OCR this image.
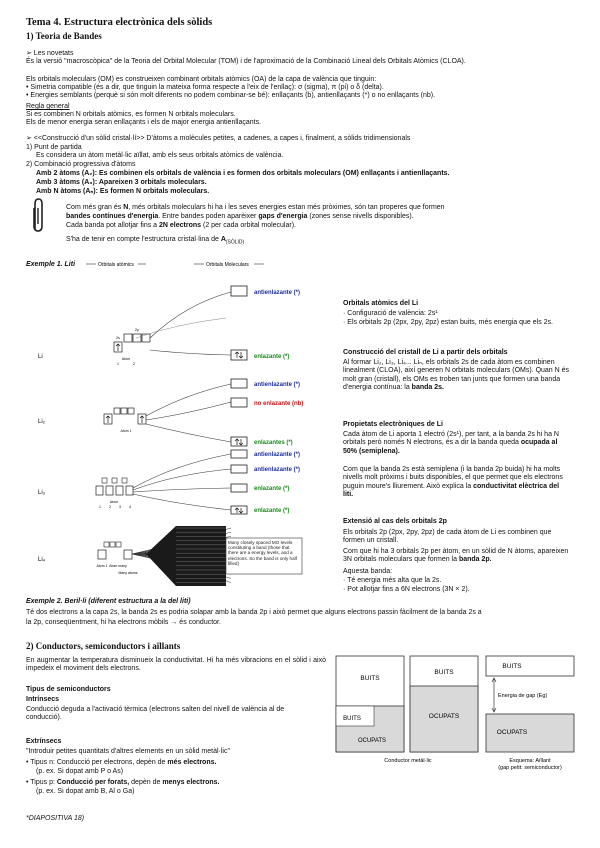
Tema 4. Estructura electrònica dels sòlids
1) Teoria de Bandes
➢ Les novetats
És la versió "macroscòpica" de la Teoria del Orbital Molecular (TOM) i de l'aproximació de la Combinació Lineal dels Orbitals Atòmics (CLOA).
Els orbitals moleculars (OM) es construeixen combinant orbitals atòmics (OA) de la capa de valència que tinguin:
• Simetria compatible (és a dir, que tinguin la mateixa forma respecte a l'eix de l'enllaç): σ (sigma), π (pi) o δ (delta).
• Energies semblants (perquè si són molt diferents no podem combinar-se bé): enllaçants (b), antienllaçants (*) o no enllaçants (nb).
Regla general
Si es combinen N orbitals atòmics, es formen N orbitals moleculars.
Els de menor energia seran enllaçants i els de major energia antienllaçants.
➢ <<Construcció d'un sòlid cristal·lí>> D'àtoms a molècules petites, a cadenes, a capes i, finalment, a sòlids tridimensionals
1) Punt de partida
Es considera un àtom metàl·lic aïllat, amb els seus orbitals atòmics de valència.
2) Combinació progressiva d'àtoms
Amb 2 àtoms (A₂): Es combinen els orbitals de valència i es formen dos orbitals moleculars (OM) enllaçants i antienllaçants.
Amb 3 àtoms (A₃): Apareixen 3 orbitals moleculars.
Amb N àtoms (Aₙ): Es formen N orbitals moleculars.
Com més gran és N, més orbitals moleculars hi ha i les seves energies estan més pròximes, són tan properes que formen
bandes contínues d'energia. Entre bandes poden aparèixer gaps d'energia (zones sense nivells disponibles).
Cada banda pot allotjar fins a 2N electrons (2 per cada orbital molecular).
S'ha de tenir en compte l'estructura cristal·lina de $A_{(SÒLID)}$
Exemple 1. Liti	Orbitals atòmics	Orbitals Moleculars
Li
Li₂
Li₃
Li₄
2s
2p
Atom
1	2
antienlazante (*)
enlazante (*)
Atom 1
antienlazante (*)
no enlazante (nb)
enlazantes (*)
Atom
1 2 3 4
antienlazante (*)
antienlazante (*)
enlazante (*)
enlazante (*)
Atom 1 Atom many
Many atoms
Many closely spaced MO levels constituting a band (those that there are a energy levels, and a electrons. So the band is only half filled)
Orbitals atòmics del Li
· Configuració de valència: 2s¹
· Els orbitals 2p (2px, 2py, 2pz) estan buits, més energia que els 2s.
Construcció del cristall de Li a partir dels orbitals
Al formar Li₂, Li₃, Li₄... Liₙ, els orbitals 2s de cada àtom es combinen linealment (CLOA), així generen N orbitals moleculars (OMs). Quan N és molt gran (cristall), els OMs es troben tan junts que formen una banda d'energia contínua: la banda 2s.
Propietats electròniques de Li
Cada àtom de Li aporta 1 electró (2s¹), per tant, a la banda 2s hi ha N orbitals però només N electrons, és a dir la banda queda ocupada al 50% (semiplena).
Com que la banda 2s està semiplena (i la banda 2p buida) hi ha molts nivells molt pròxims i buits disponibles, el que permet que els electrons puguin moure's lliurement. Això explica la conductivitat elèctrica del liti.
Extensió al cas dels orbitals 2p
Els orbitals 2p (2px, 2py, 2pz) de cada àtom de Li es combinen que formen un cristall.
Com que hi ha 3 orbitals 2p per àtom, en un sòlid de N àtoms, apareixen 3N orbitals moleculars que formen la banda 2p.
Aquesta banda:
· Té energia més alta que la 2s.
· Pot allotjar fins a 6N electrons (3N × 2).
Exemple 2. Beril·li (diferent estructura a la del liti)
Té dos electrons a la capa 2s, la banda 2s es podria solapar amb la banda 2p i això permet que alguns electrons passin fàcilment de la banda 2s a
la 2p, conseqüentment, hi ha electrons mòbils → és conductor.
2) Conductors, semiconductors i aïllants
En augmentar la temperatura disminueix la conductivitat. Hi ha més vibracions en el sòlid i això impedeix el moviment dels electrons.
Tipus de semiconductors
Intrínsecs
Conducció deguda a l'activació tèrmica (electrons salten del nivell de valència al de conducció).
Extrínsecs
"Introduir petites quantitats d'altres elements en un sòlid metàl·lic"
• Tipus n: Conducció per electrons, depèn de més electrons.
(p. ex. Si dopat amb P o As)
• Tipus p: Conducció per forats, depèn de menys electrons.
(p. ex. Si dopat amb B, Al o Ga)
*DIAPOSITIVA 18)
BUITS
BUITS
OCUPATS
BUITS
OCUPATS
BUITS
Energia de gap (Eg)
OCUPATS
Conductor metàl·lic	Esquema: Aïllant
(gap petit: semiconductor)
